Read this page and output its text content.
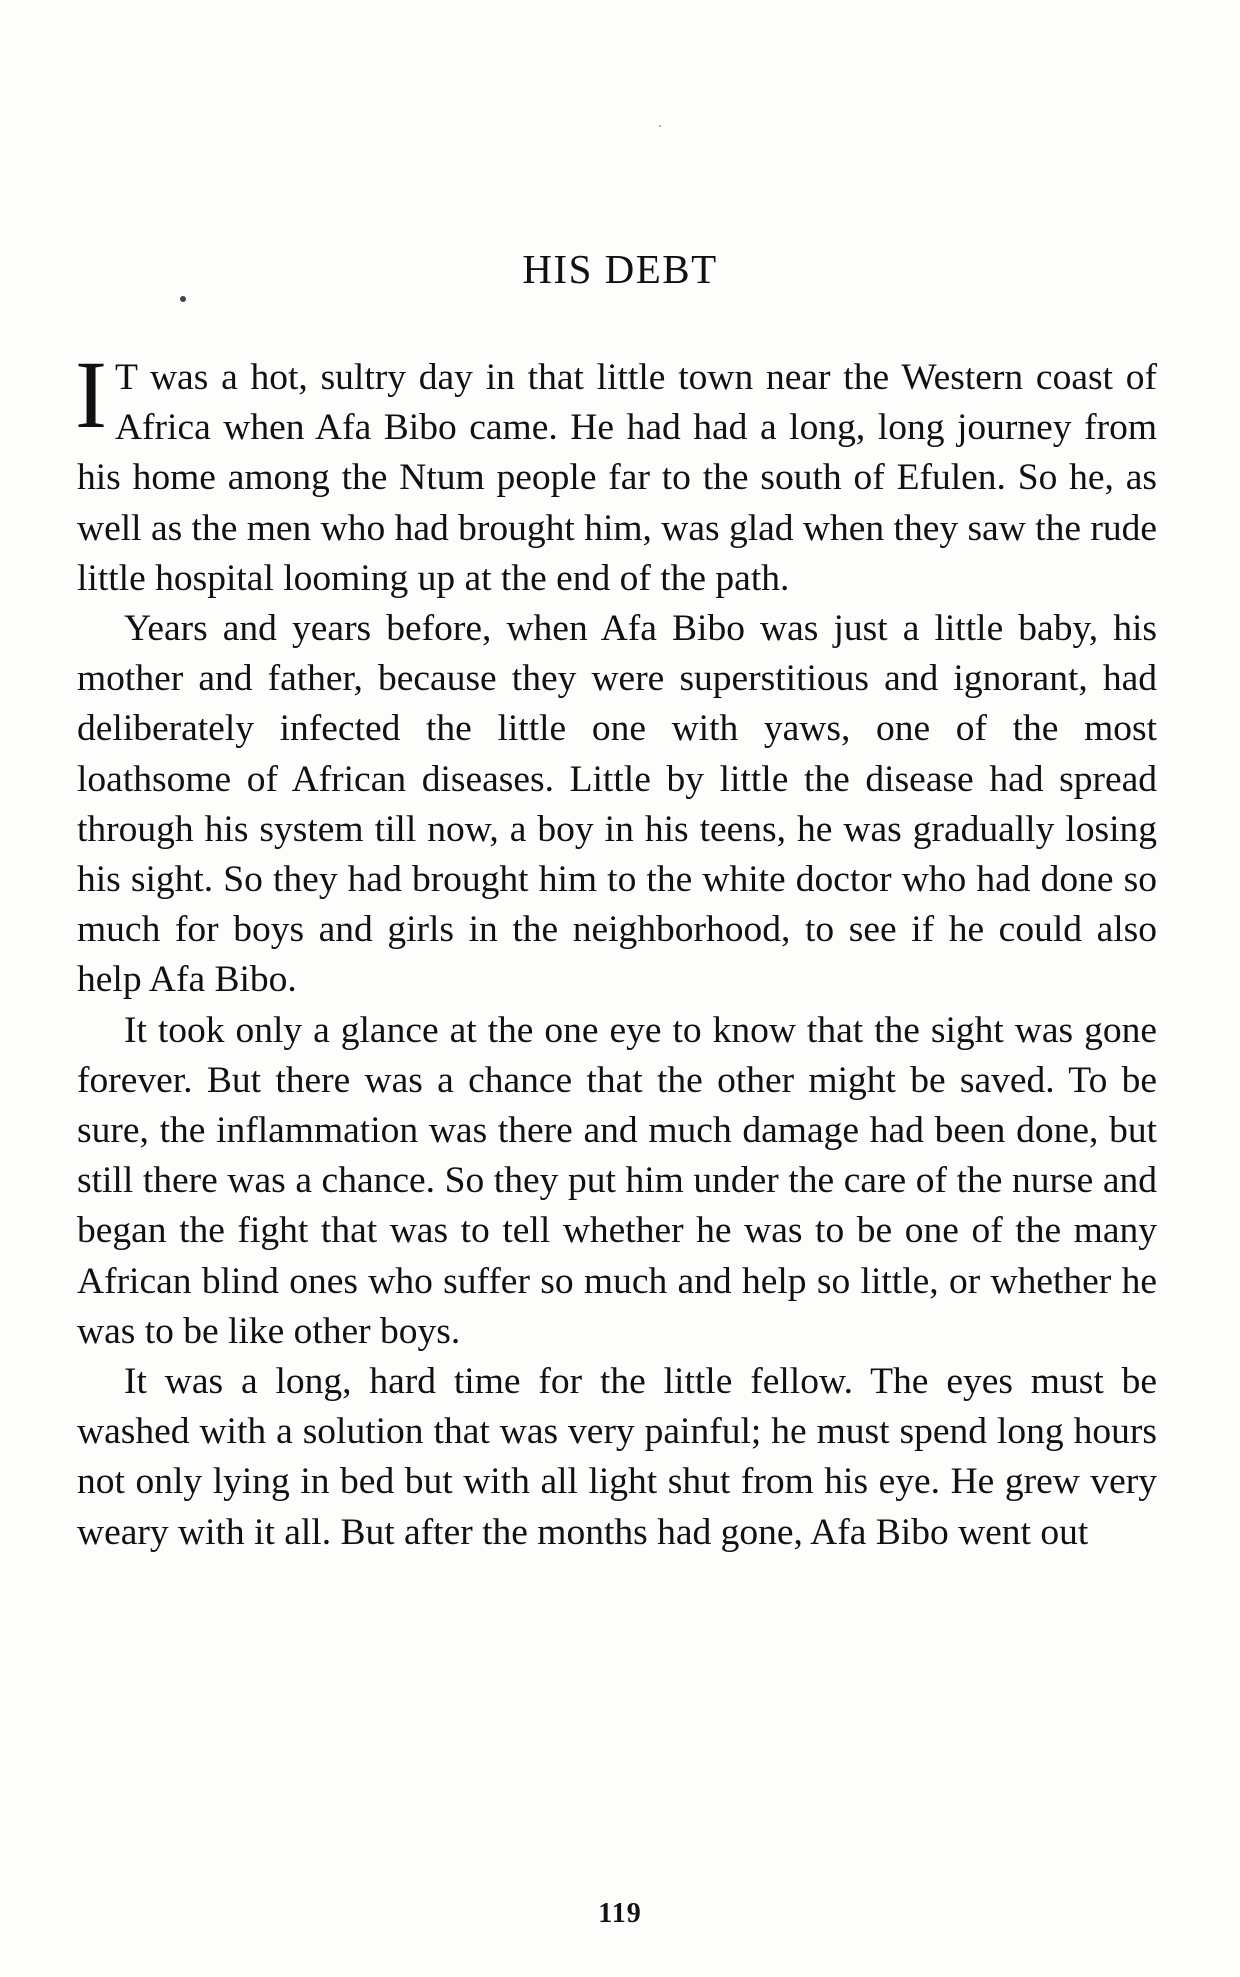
HIS DEBT

I T was a hot, sultry day in that little town near the Western coast of Africa when Afa Bibo came. He had had a long, long journey from his home among the Ntum people far to the south of Efulen. So he, as well as the men who had brought him, was glad when they saw the rude little hospital looming up at the end of the path.

Years and years before, when Afa Bibo was just a little baby, his mother and father, because they were superstitious and ignorant, had deliberately infected the little one with yaws, one of the most loathsome of African diseases. Little by little the disease had spread through his system till now, a boy in his teens, he was gradually losing his sight. So they had brought him to the white doctor who had done so much for boys and girls in the neighborhood, to see if he could also help Afa Bibo.

It took only a glance at the one eye to know that the sight was gone forever. But there was a chance that the other might be saved. To be sure, the inflammation was there and much damage had been done, but still there was a chance. So they put him under the care of the nurse and began the fight that was to tell whether he was to be one of the many African blind ones who suffer so much and help so little, or whether he was to be like other boys.

It was a long, hard time for the little fellow. The eyes must be washed with a solution that was very painful; he must spend long hours not only lying in bed but with all light shut from his eye. He grew very weary with it all. But after the months had gone, Afa Bibo went out

119
